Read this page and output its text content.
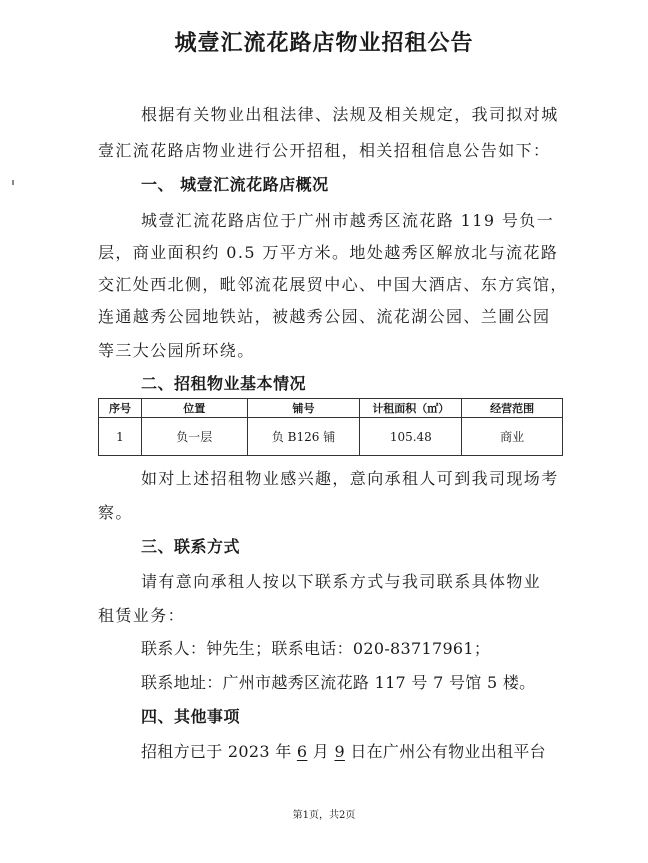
城壹汇流花路店物业招租公告
根据有关物业出租法律、法规及相关规定，我司拟对城
壹汇流花路店物业进行公开招租，相关招租信息公告如下：
一、 城壹汇流花路店概况
城壹汇流花路店位于广州市越秀区流花路 119 号负一
层，商业面积约 0.5 万平方米。地处越秀区解放北与流花路
交汇处西北侧，毗邻流花展贸中心、中国大酒店、东方宾馆，
连通越秀公园地铁站，被越秀公园、流花湖公园、兰圃公园
等三大公园所环绕。
二、招租物业基本情况
序号	位置	铺号	计租面积（㎡）	经营范围
1	负一层	负 B126 铺	105.48	商业
如对上述招租物业感兴趣，意向承租人可到我司现场考
察。
三、联系方式
请有意向承租人按以下联系方式与我司联系具体物业
租赁业务：
联系人：钟先生；联系电话：020-83717961；
联系地址：广州市越秀区流花路 117 号 7 号馆 5 楼。
四、其他事项
招租方已于 2023 年 6 月 9 日在广州公有物业出租平台
第1页，共2页
